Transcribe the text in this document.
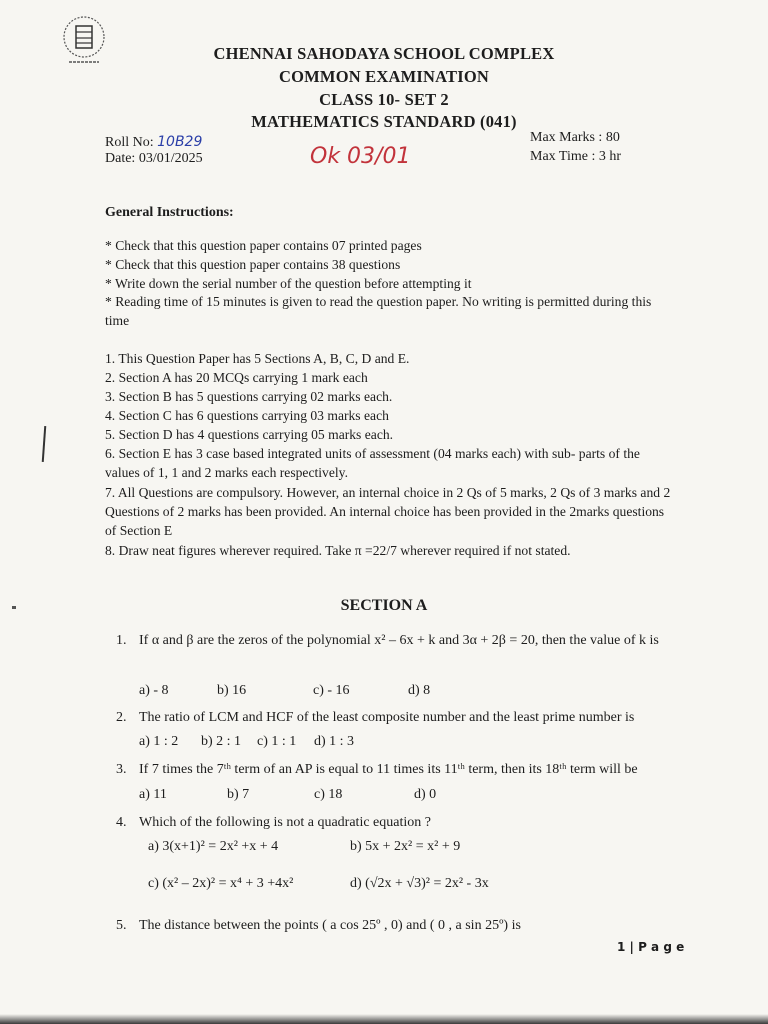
CHENNAI SAHODAYA SCHOOL COMPLEX
COMMON EXAMINATION
CLASS 10- SET 2
MATHEMATICS STANDARD (041)
Roll No: 10B29
Date: 03/01/2025
Max Marks : 80
Max Time : 3 hr
Ok 03/01
General Instructions:
* Check that this question paper contains 07 printed pages
* Check that this question paper contains 38 questions
* Write down the serial number of the question before attempting it
* Reading time of 15 minutes is given to read the question paper. No writing is permitted during this time
1. This Question Paper has 5 Sections A, B, C, D and E.
2. Section A has 20 MCQs carrying 1 mark each
3. Section B has 5 questions carrying 02 marks each.
4. Section C has 6 questions carrying 03 marks each
5. Section D has 4 questions carrying 05 marks each.
6. Section E has 3 case based integrated units of assessment (04 marks each) with sub- parts of the values of 1, 1 and 2 marks each respectively.
7. All Questions are compulsory. However, an internal choice in 2 Qs of 5 marks, 2 Qs of 3 marks and 2 Questions of 2 marks has been provided. An internal choice has been provided in the 2marks questions of Section E
8. Draw neat figures wherever required. Take π =22/7 wherever required if not stated.
SECTION A
1. If α and β are the zeros of the polynomial x² – 6x + k and 3α + 2β = 20, then the value of k is
a) - 8	b) 16	c) - 16	d) 8
2. The ratio of LCM and HCF of the least composite number and the least prime number is
a) 1 : 2 b) 2 : 1 c) 1 : 1 d) 1 : 3
3. If 7 times the 7ᵗʰ term of an AP is equal to 11 times its 11ᵗʰ term, then its 18ᵗʰ term will be
a) 11	b) 7	c) 18	d) 0
4. Which of the following is not a quadratic equation ?
a) 3(x+1)² = 2x² +x + 4	b) 5x + 2x² = x² + 9
c) (x² – 2x)² = x⁴ + 3 +4x²	d) (√2x + √3)² = 2x² - 3x
5. The distance between the points ( a cos 25º , 0) and ( 0 , a sin 25º) is
1 | P a g e
